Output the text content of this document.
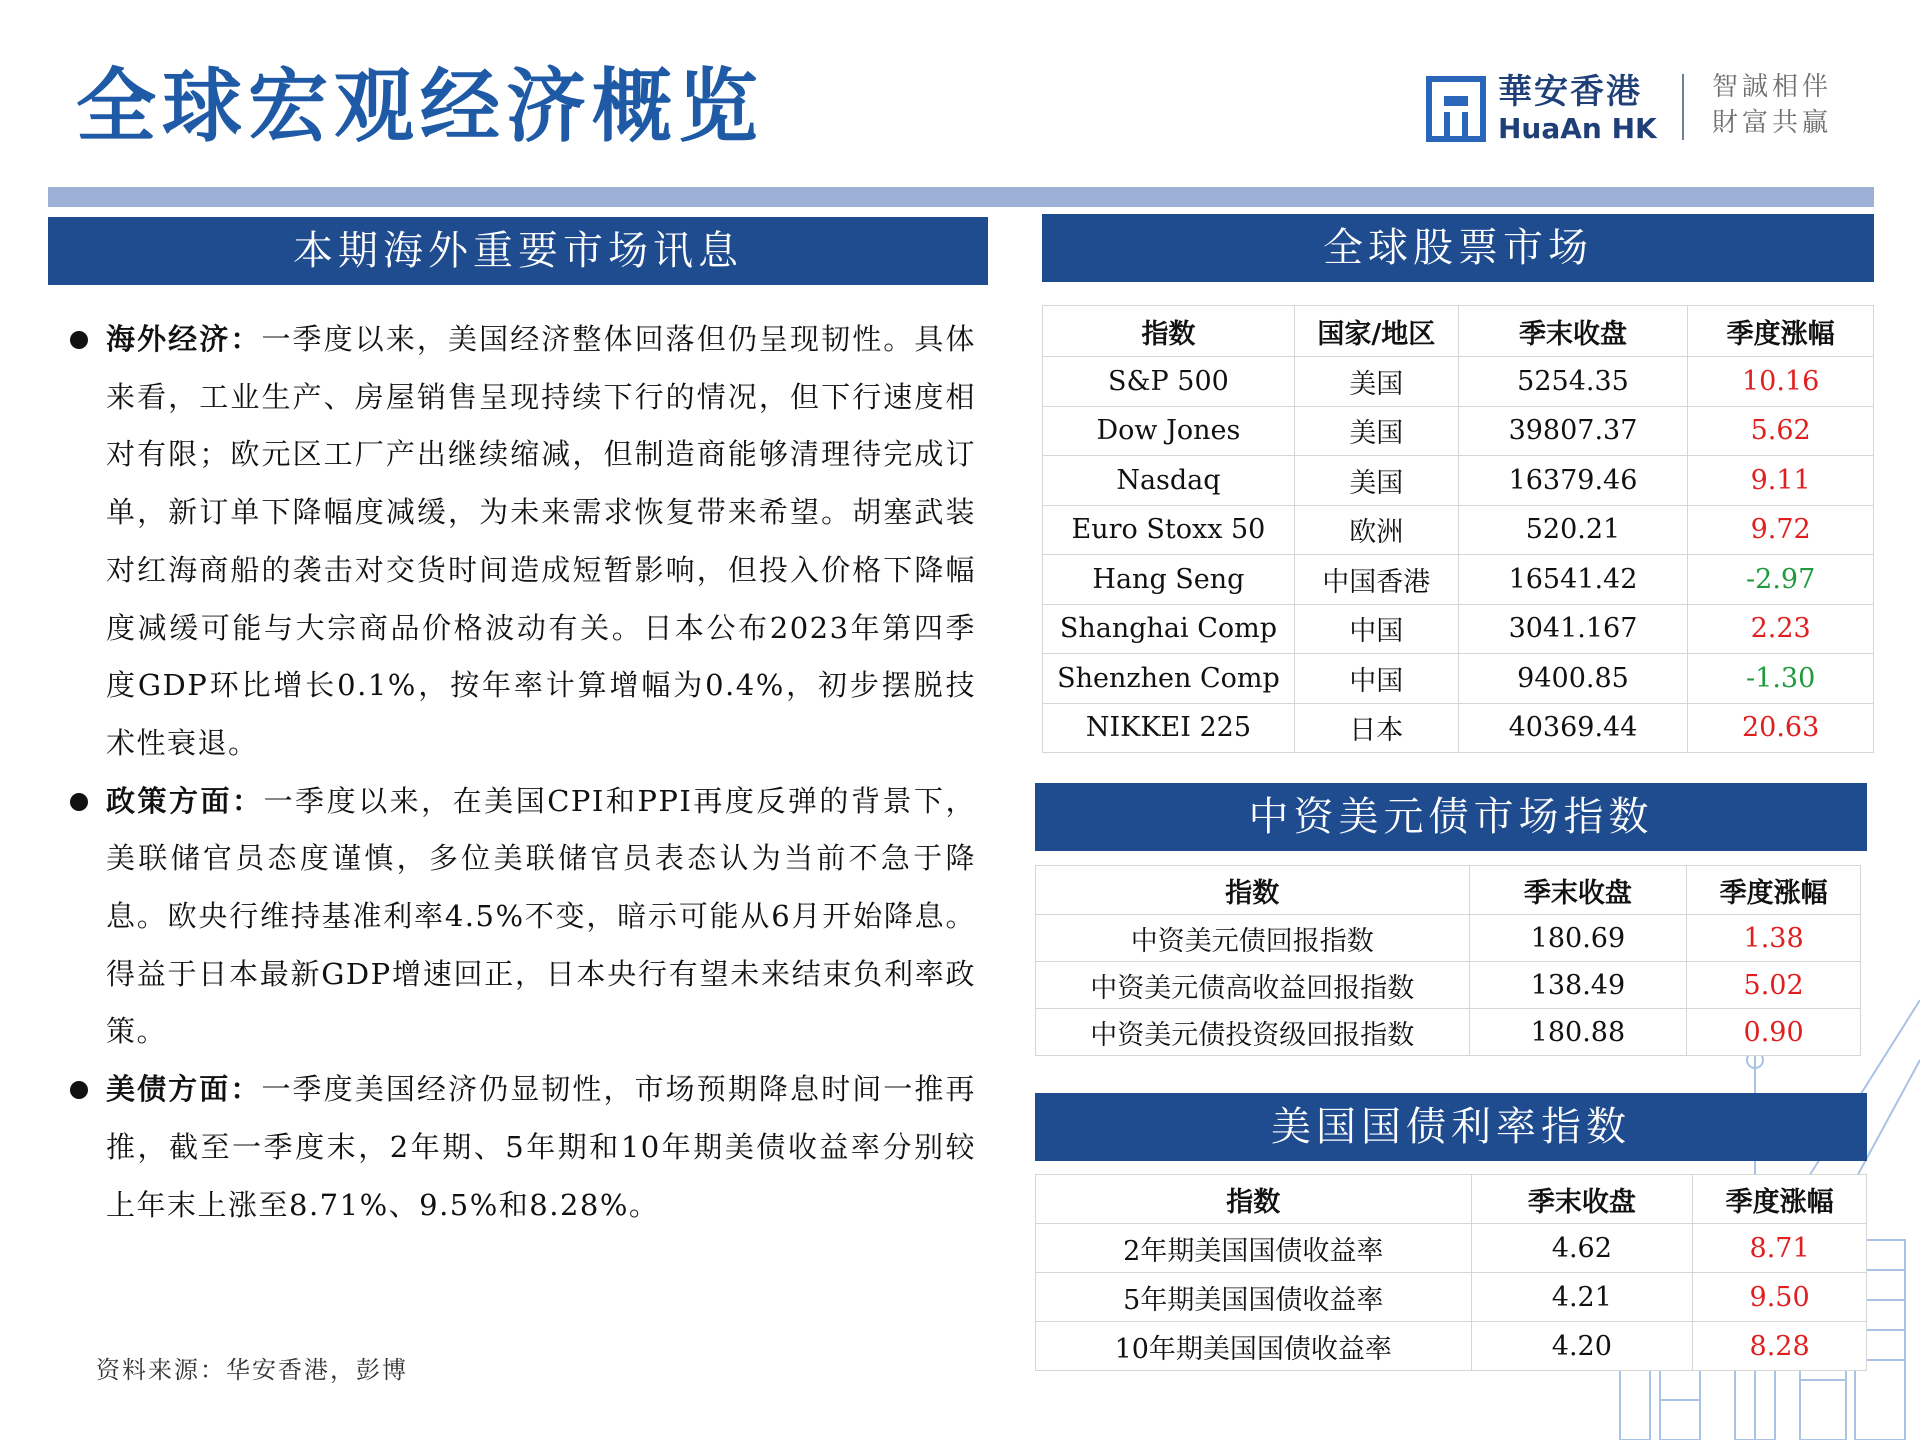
全球宏观经济概览	華安香港
HuaAn HK
智誠相伴
財富共贏
本期海外重要市场讯息
海外经济：一季度以来，美国经济整体回落但仍呈现韧性。具体来看，工业生产、房屋销售呈现持续下行的情况，但下行速度相对有限；欧元区工厂产出继续缩减，但制造商能够清理待完成订单，新订单下降幅度减缓，为未来需求恢复带来希望。胡塞武装对红海商船的袭击对交货时间造成短暂影响，但投入价格下降幅度减缓可能与大宗商品价格波动有关。日本公布2023年第四季度GDP环比增长0.1%，按年率计算增幅为0.4%，初步摆脱技术性衰退。
政策方面：一季度以来，在美国CPI和PPI再度反弹的背景下，美联储官员态度谨慎，多位美联储官员表态认为当前不急于降息。欧央行维持基准利率4.5%不变，暗示可能从6月开始降息。得益于日本最新GDP增速回正，日本央行有望未来结束负利率政策。
美债方面：一季度美国经济仍显韧性，市场预期降息时间一推再推，截至一季度末，2年期、5年期和10年期美债收益率分别较上年末上涨至8.71%、9.5%和8.28%。
资料来源：华安香港，彭博
全球股票市场
指数	国家/地区	季末收盘	季度涨幅
S&P 500	美国	5254.35	10.16
Dow Jones	美国	39807.37	5.62
Nasdaq	美国	16379.46	9.11
Euro Stoxx 50	欧洲	520.21	9.72
Hang Seng	中国香港	16541.42	-2.97
Shanghai Comp	中国	3041.167	2.23
Shenzhen Comp	中国	9400.85	-1.30
NIKKEI 225	日本	40369.44	20.63
中资美元债市场指数
指数	季末收盘	季度涨幅
中资美元债回报指数	180.69	1.38
中资美元债高收益回报指数	138.49	5.02
中资美元债投资级回报指数	180.88	0.90
美国国债利率指数
指数	季末收盘	季度涨幅
2年期美国国债收益率	4.62	8.71
5年期美国国债收益率	4.21	9.50
10年期美国国债收益率	4.20	8.28
